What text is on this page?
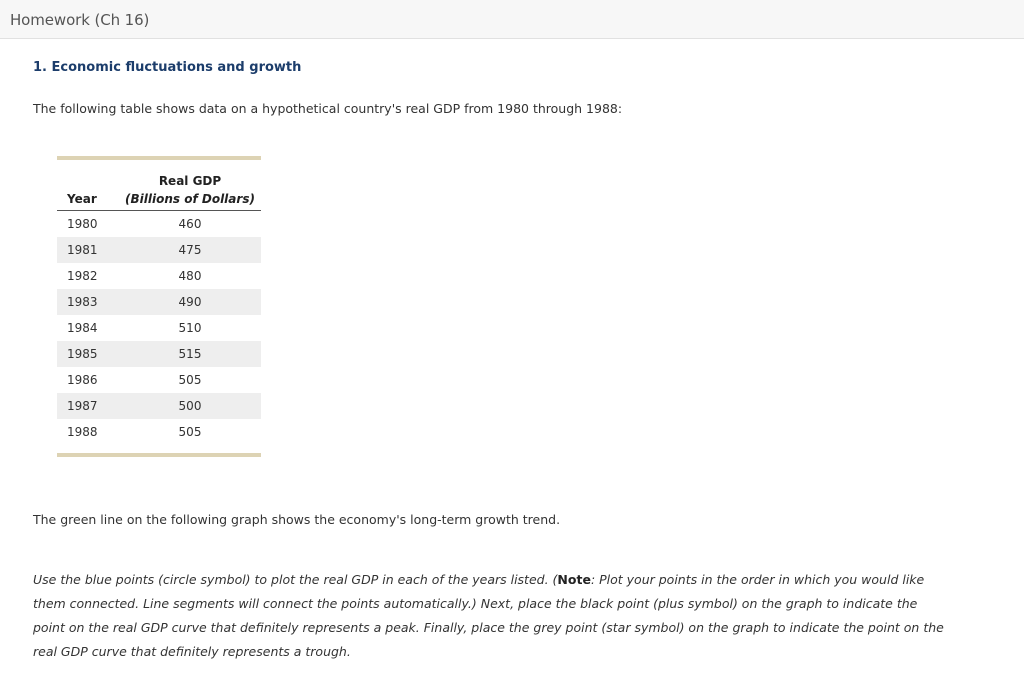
Homework (Ch 16)
1. Economic fluctuations and growth
The following table shows data on a hypothetical country's real GDP from 1980 through 1988:
	Real GDP
Year	(Billions of Dollars)
1980	460
1981	475
1982	480
1983	490
1984	510
1985	515
1986	505
1987	500
1988	505
The green line on the following graph shows the economy's long-term growth trend.
Use the blue points (circle symbol) to plot the real GDP in each of the years listed. (Note: Plot your points in the order in which you would like them connected. Line segments will connect the points automatically.) Next, place the black point (plus symbol) on the graph to indicate the point on the real GDP curve that definitely represents a peak. Finally, place the grey point (star symbol) on the graph to indicate the point on the real GDP curve that definitely represents a trough.
